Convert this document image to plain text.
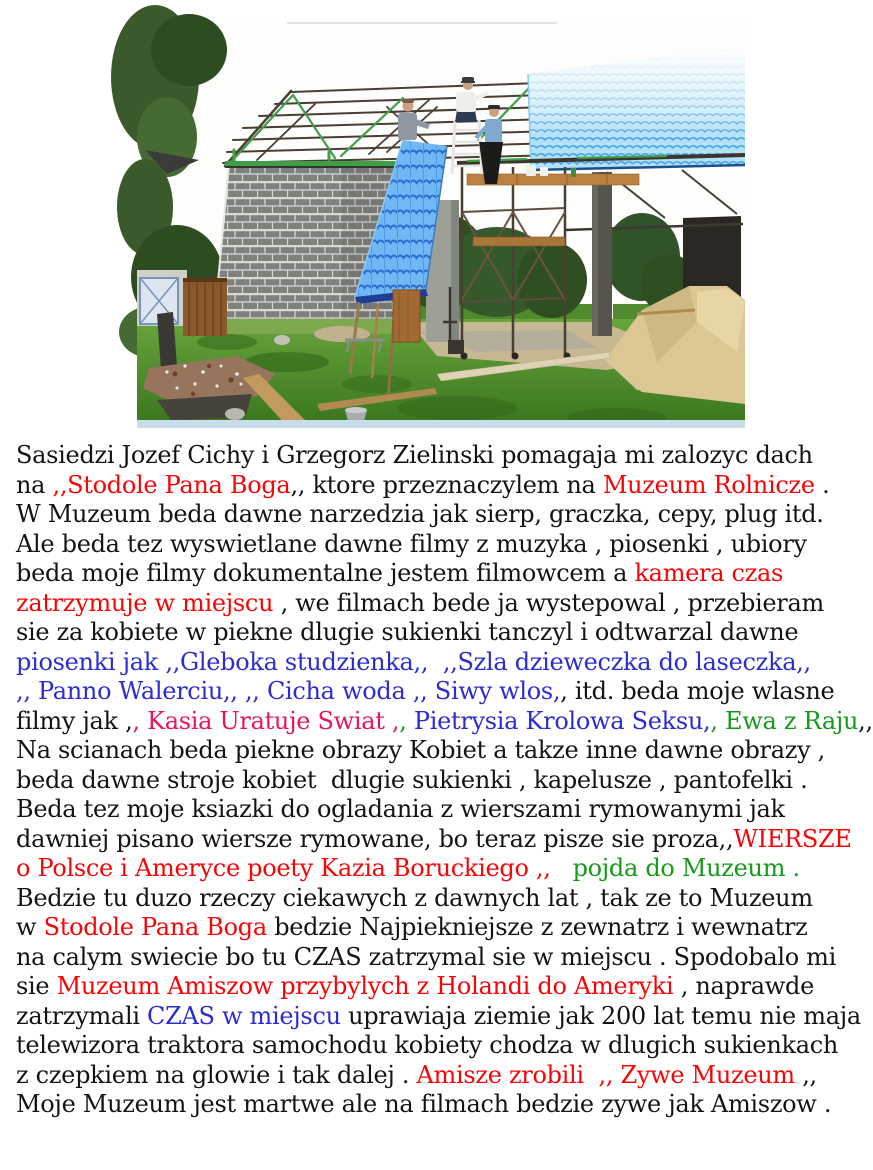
Sasiedzi Jozef Cichy i Grzegorz Zielinski pomagaja mi zalozyc dach
na ,,Stodole Pana Boga,, ktore przeznaczylem na Muzeum Rolnicze .
W Muzeum beda dawne narzedzia jak sierp, graczka, cepy, plug itd.
Ale beda tez wyswietlane dawne filmy z muzyka , piosenki , ubiory
beda moje filmy dokumentalne jestem filmowcem a kamera czas
zatrzymuje w miejscu , we filmach bede ja wystepowal , przebieram
sie za kobiete w piekne dlugie sukienki tanczyl i odtwarzal dawne
piosenki jak ,,Gleboka studzienka,,  ,,Szla dzieweczka do laseczka,,
,, Panno Walerciu,, ,, Cicha woda ,, Siwy wlos,, itd. beda moje wlasne
filmy jak ,, Kasia Uratuje Swiat ,, Pietrysia Krolowa Seksu,, Ewa z Raju,,
Na scianach beda piekne obrazy Kobiet a takze inne dawne obrazy ,
beda dawne stroje kobiet  dlugie sukienki , kapelusze , pantofelki .
Beda tez moje ksiazki do ogladania z wierszami rymowanymi jak
dawniej pisano wiersze rymowane, bo teraz pisze sie proza,,WIERSZE
o Polsce i Ameryce poety Kazia Boruckiego ,,   pojda do Muzeum .
Bedzie tu duzo rzeczy ciekawych z dawnych lat , tak ze to Muzeum
w Stodole Pana Boga bedzie Najpiekniejsze z zewnatrz i wewnatrz
na calym swiecie bo tu CZAS zatrzymal sie w miejscu . Spodobalo mi
sie Muzeum Amiszow przybylych z Holandi do Ameryki , naprawde
zatrzymali CZAS w miejscu uprawiaja ziemie jak 200 lat temu nie maja
telewizora traktora samochodu kobiety chodza w dlugich sukienkach
z czepkiem na glowie i tak dalej . Amisze zrobili  ,, Zywe Muzeum ,,
Moje Muzeum jest martwe ale na filmach bedzie zywe jak Amiszow .
